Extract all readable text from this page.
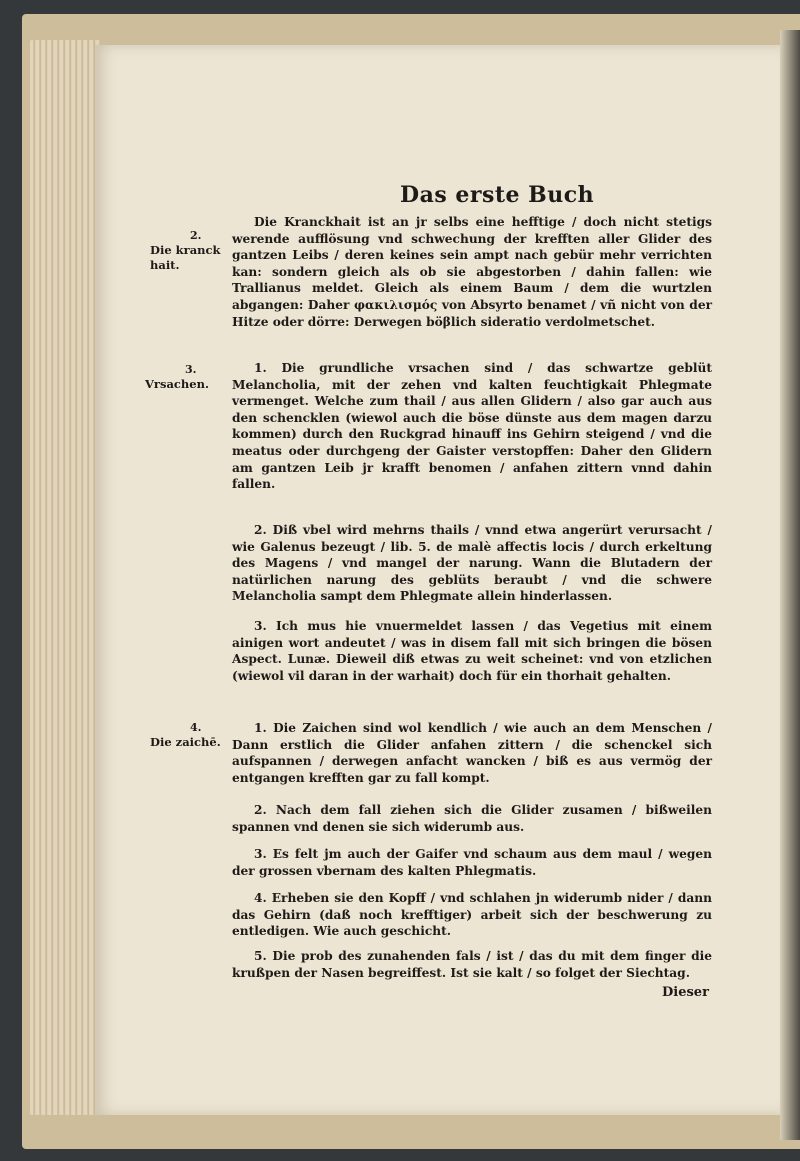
Das erste Buch
2.
Die kranck
hait.
3.
Vrsachen.
4.
Die zaichē.

Die Kranckhait ist an jr selbs eine hefftige / doch nicht stetigs werende aufflösung vnd schwechung der krefften aller Glider des gantzen Leibs / deren keines sein ampt nach gebür mehr verrichten kan: sondern gleich als ob sie abgestorben / dahin fallen: wie Trallianus meldet. Gleich als einem Baum / dem die wurtzlen abgangen: Daher φακιλισμός von Absyrto benamet / vñ nicht von der Hitze oder dörre: Derwegen böβlich sideratio verdolmetschet.

1. Die grundliche vrsachen sind / das schwartze geblüt Melancholia, mit der zehen vnd kalten feuchtigkait Phlegmate vermenget. Welche zum thail / aus allen Glidern / also gar auch aus den schencklen (wiewol auch die böse dünste aus dem magen darzu kommen) durch den Ruckgrad hinauff ins Gehirn steigend / vnd die meatus oder durchgeng der Gaister verstopffen: Daher den Glidern am gantzen Leib jr krafft benomen / anfahen zittern vnnd dahin fallen.

2. Diß vbel wird mehrns thails / vnnd etwa angerürt verursacht / wie Galenus bezeugt / lib. 5. de malè affectis locis / durch erkeltung des Magens / vnd mangel der narung. Wann die Blutadern der natürlichen narung des geblüts beraubt / vnd die schwere Melancholia sampt dem Phlegmate allein hinderlassen.

3. Ich mus hie vnuermeldet lassen / das Vegetius mit einem ainigen wort andeutet / was in disem fall mit sich bringen die bösen Aspect. Lunæ. Dieweil diß etwas zu weit scheinet: vnd von etzlichen (wiewol vil daran in der warhait) doch für ein thorhait gehalten.

1. Die Zaichen sind wol kendlich / wie auch an dem Menschen / Dann erstlich die Glider anfahen zittern / die schenckel sich aufspannen / derwegen anfacht wancken / biß es aus vermög der entgangen krefften gar zu fall kompt.

2. Nach dem fall ziehen sich die Glider zusamen / bißweilen spannen vnd denen sie sich widerumb aus.

3. Es felt jm auch der Gaifer vnd schaum aus dem maul / wegen der grossen vbernam des kalten Phlegmatis.

4. Erheben sie den Kopff / vnd schlahen jn widerumb nider / dann das Gehirn (daß noch krefftiger) arbeit sich der beschwerung zu entledigen. Wie auch geschicht.

5. Die prob des zunahenden fals / ist / das du mit dem finger die krußpen der Nasen begreiffest. Ist sie kalt / so folget der Siechtag.

Dieser
